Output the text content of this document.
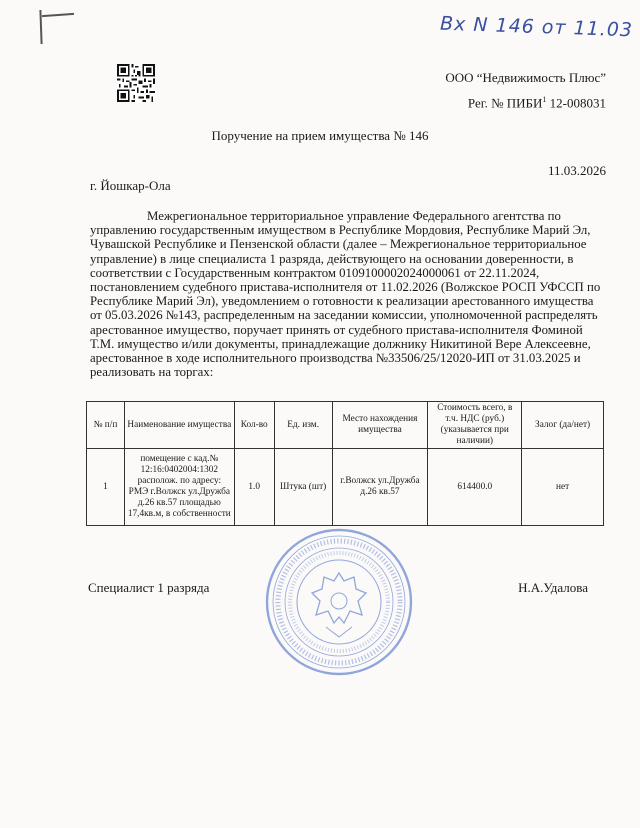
Вх N 146 от 11.03
ООО “Недвижимость Плюс”
Рег. № ПИБИ$^1$ 12-008031
Поручение на прием имущества № 146
11.03.2026
г. Йошкар-Ола

Межрегиональное территориальное управление Федерального агентства по управлению государственным имуществом в Республике Мордовия, Республике Марий Эл, Чувашской Республике и Пензенской области (далее – Межрегиональное территориальное управление) в лице специалиста 1 разряда, действующего на основании доверенности, в соответствии с Государственным контрактом 0109100002024000061 от 22.11.2024, постановлением судебного пристава-исполнителя от 11.02.2026 (Волжское РОСП УФССП по Республике Марий Эл), уведомлением о готовности к реализации арестованного имущества от 05.03.2026 №143, распределенным на заседании комиссии, уполномоченной распределять арестованное имущество, поручает принять от судебного пристава-исполнителя Фоминой Т.М. имущество и/или документы, принадлежащие должнику Никитиной Вере Алексеевне, арестованное в ходе исполнительного производства №33506/25/12020-ИП от 31.03.2025 и реализовать на торгах:

№ п/п	Наименование имущества	Кол-во	Ед. изм.	Место нахождения имущества	Стоимость всего, в т.ч. НДС (руб.) (указывается при наличии)	Залог (да/нет)
1	помещение с кад.№ 12:16:0402004:1302 располож. по адресу: РМЭ г.Волжск ул.Дружба д.26 кв.57 площадью 17,4кв.м, в собственности	1.0	Штука (шт)	г.Волжск ул.Дружба д.26 кв.57	614400.0	нет
Специалист 1 разряда	Н.А.Удалова
